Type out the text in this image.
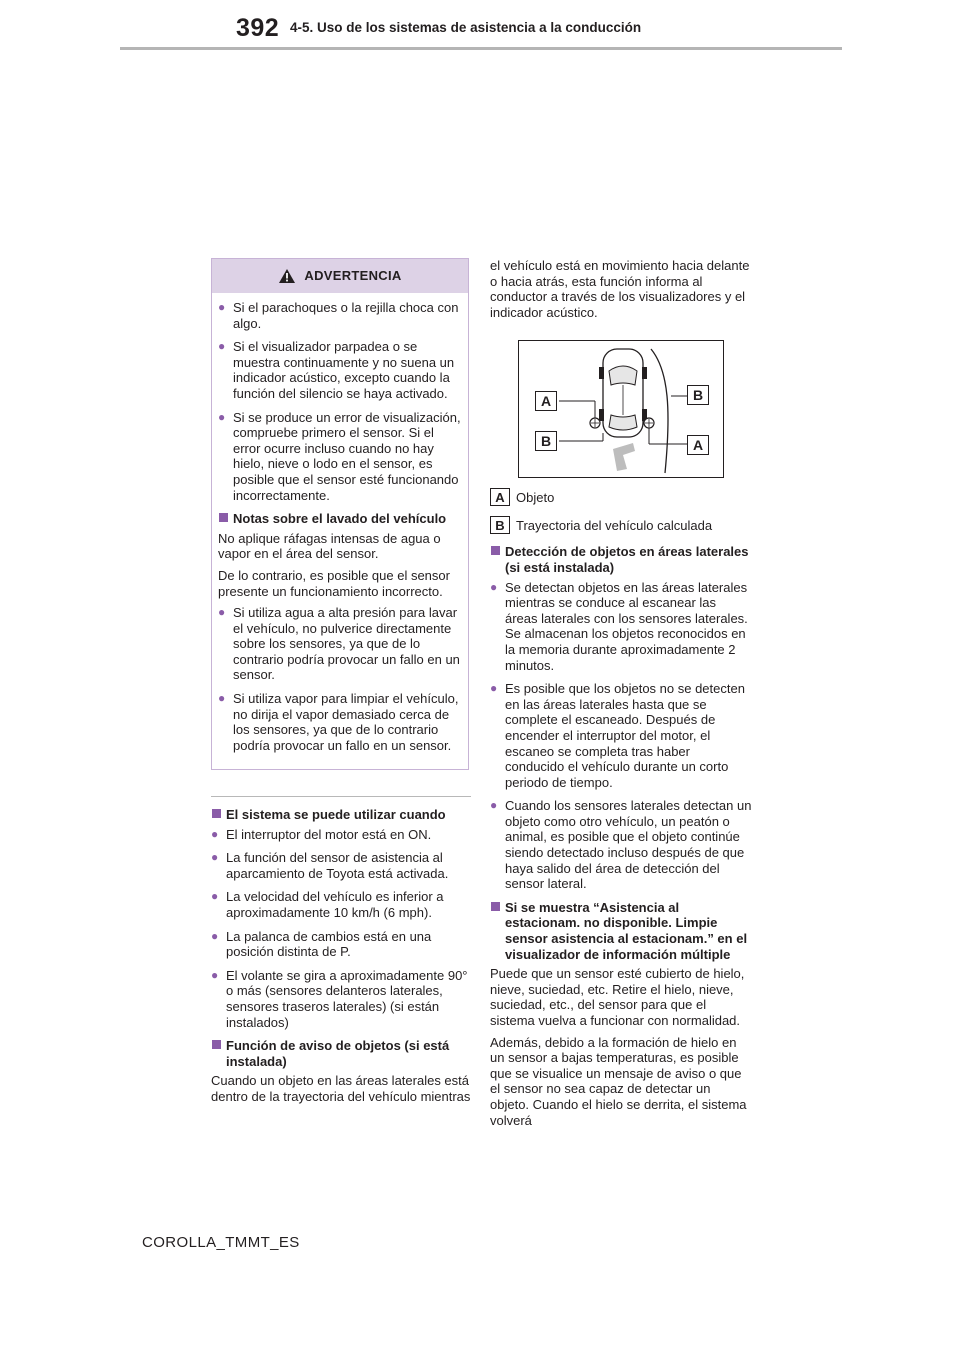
392 4-5. Uso de los sistemas de asistencia a la conducción
ADVERTENCIA
● Si el parachoques o la rejilla choca con algo.
● Si el visualizador parpadea o se muestra continuamente y no suena un indicador acústico, excepto cuando la función del silencio se haya activado.
● Si se produce un error de visualización, compruebe primero el sensor. Si el error ocurre incluso cuando no hay hielo, nieve o lodo en el sensor, es posible que el sensor esté funcionando incorrectamente.
Notas sobre el lavado del vehículo
No aplique ráfagas intensas de agua o vapor en el área del sensor.
De lo contrario, es posible que el sensor presente un funcionamiento incorrecto.
● Si utiliza agua a alta presión para lavar el vehículo, no pulverice directamente sobre los sensores, ya que de lo contrario podría provocar un fallo en un sensor.
● Si utiliza vapor para limpiar el vehículo, no dirija el vapor demasiado cerca de los sensores, ya que de lo contrario podría provocar un fallo en un sensor.
El sistema se puede utilizar cuando
● El interruptor del motor está en ON.
● La función del sensor de asistencia al aparcamiento de Toyota está activada.
● La velocidad del vehículo es inferior a aproximadamente 10 km/h (6 mph).
● La palanca de cambios está en una posición distinta de P.
● El volante se gira a aproximadamente 90° o más (sensores delanteros laterales, sensores traseros laterales) (si están instalados)
Función de aviso de objetos (si está instalada)
Cuando un objeto en las áreas laterales está dentro de la trayectoria del vehículo mientras
el vehículo está en movimiento hacia delante o hacia atrás, esta función informa al conductor a través de los visualizadores y el indicador acústico.
A	B
B	A
A Objeto
B Trayectoria del vehículo calculada
Detección de objetos en áreas laterales (si está instalada)
● Se detectan objetos en las áreas laterales mientras se conduce al escanear las áreas laterales con los sensores laterales. Se almacenan los objetos reconocidos en la memoria durante aproximadamente 2 minutos.
● Es posible que los objetos no se detecten en las áreas laterales hasta que se complete el escaneado. Después de encender el interruptor del motor, el escaneo se completa tras haber conducido el vehículo durante un corto periodo de tiempo.
● Cuando los sensores laterales detectan un objeto como otro vehículo, un peatón o animal, es posible que el objeto continúe siendo detectado incluso después de que haya salido del área de detección del sensor lateral.
Si se muestra “Asistencia al estacionam. no disponible. Limpie sensor asistencia al estacionam.” en el visualizador de información múltiple
Puede que un sensor esté cubierto de hielo, nieve, suciedad, etc. Retire el hielo, nieve, suciedad, etc., del sensor para que el sistema vuelva a funcionar con normalidad.
Además, debido a la formación de hielo en un sensor a bajas temperaturas, es posible que se visualice un mensaje de aviso o que el sensor no sea capaz de detectar un objeto. Cuando el hielo se derrita, el sistema volverá
COROLLA_TMMT_ES
